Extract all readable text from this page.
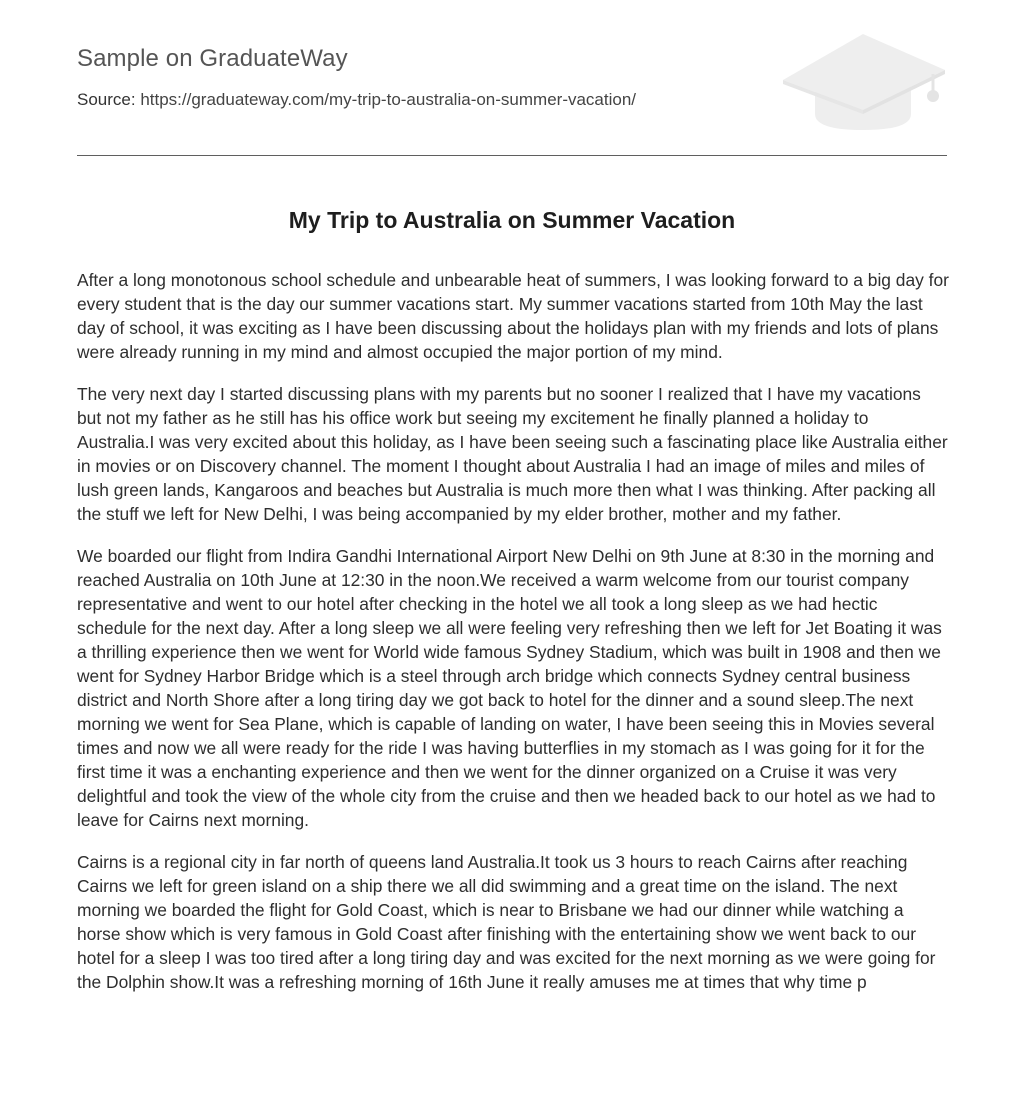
Sample on GraduateWay
Source: https://graduateway.com/my-trip-to-australia-on-summer-vacation/
My Trip to Australia on Summer Vacation

After a long monotonous school schedule and unbearable heat of summers, I was looking forward to a big day for every student that is the day our summer vacations start. My summer vacations started from 10th May the last day of school, it was exciting as I have been discussing about the holidays plan with my friends and lots of plans were already running in my mind and almost occupied the major portion of my mind.

The very next day I started discussing plans with my parents but no sooner I realized that I have my vacations but not my father as he still has his office work but seeing my excitement he finally planned a holiday to Australia.I was very excited about this holiday, as I have been seeing such a fascinating place like Australia either in movies or on Discovery channel. The moment I thought about Australia I had an image of miles and miles of lush green lands, Kangaroos and beaches but Australia is much more then what I was thinking. After packing all the stuff we left for New Delhi, I was being accompanied by my elder brother, mother and my father.

We boarded our flight from Indira Gandhi International Airport New Delhi on 9th June at 8:30 in the morning and reached Australia on 10th June at 12:30 in the noon.We received a warm welcome from our tourist company representative and went to our hotel after checking in the hotel we all took a long sleep as we had hectic schedule for the next day. After a long sleep we all were feeling very refreshing then we left for Jet Boating it was a thrilling experience then we went for World wide famous Sydney Stadium, which was built in 1908 and then we went for Sydney Harbor Bridge which is a steel through arch bridge which connects Sydney central business district and North Shore after a long tiring day we got back to hotel for the dinner and a sound sleep.The next morning we went for Sea Plane, which is capable of landing on water, I have been seeing this in Movies several times and now we all were ready for the ride I was having butterflies in my stomach as I was going for it for the first time it was a enchanting experience and then we went for the dinner organized on a Cruise it was very delightful and took the view of the whole city from the cruise and then we headed back to our hotel as we had to leave for Cairns next morning.

Cairns is a regional city in far north of queens land Australia.It took us 3 hours to reach Cairns after reaching Cairns we left for green island on a ship there we all did swimming and a great time on the island. The next morning we boarded the flight for Gold Coast, which is near to Brisbane we had our dinner while watching a horse show which is very famous in Gold Coast after finishing with the entertaining show we went back to our hotel for a sleep I was too tired after a long tiring day and was excited for the next morning as we were going for the Dolphin show.It was a refreshing morning of 16th June it really amuses me at times that why time p
